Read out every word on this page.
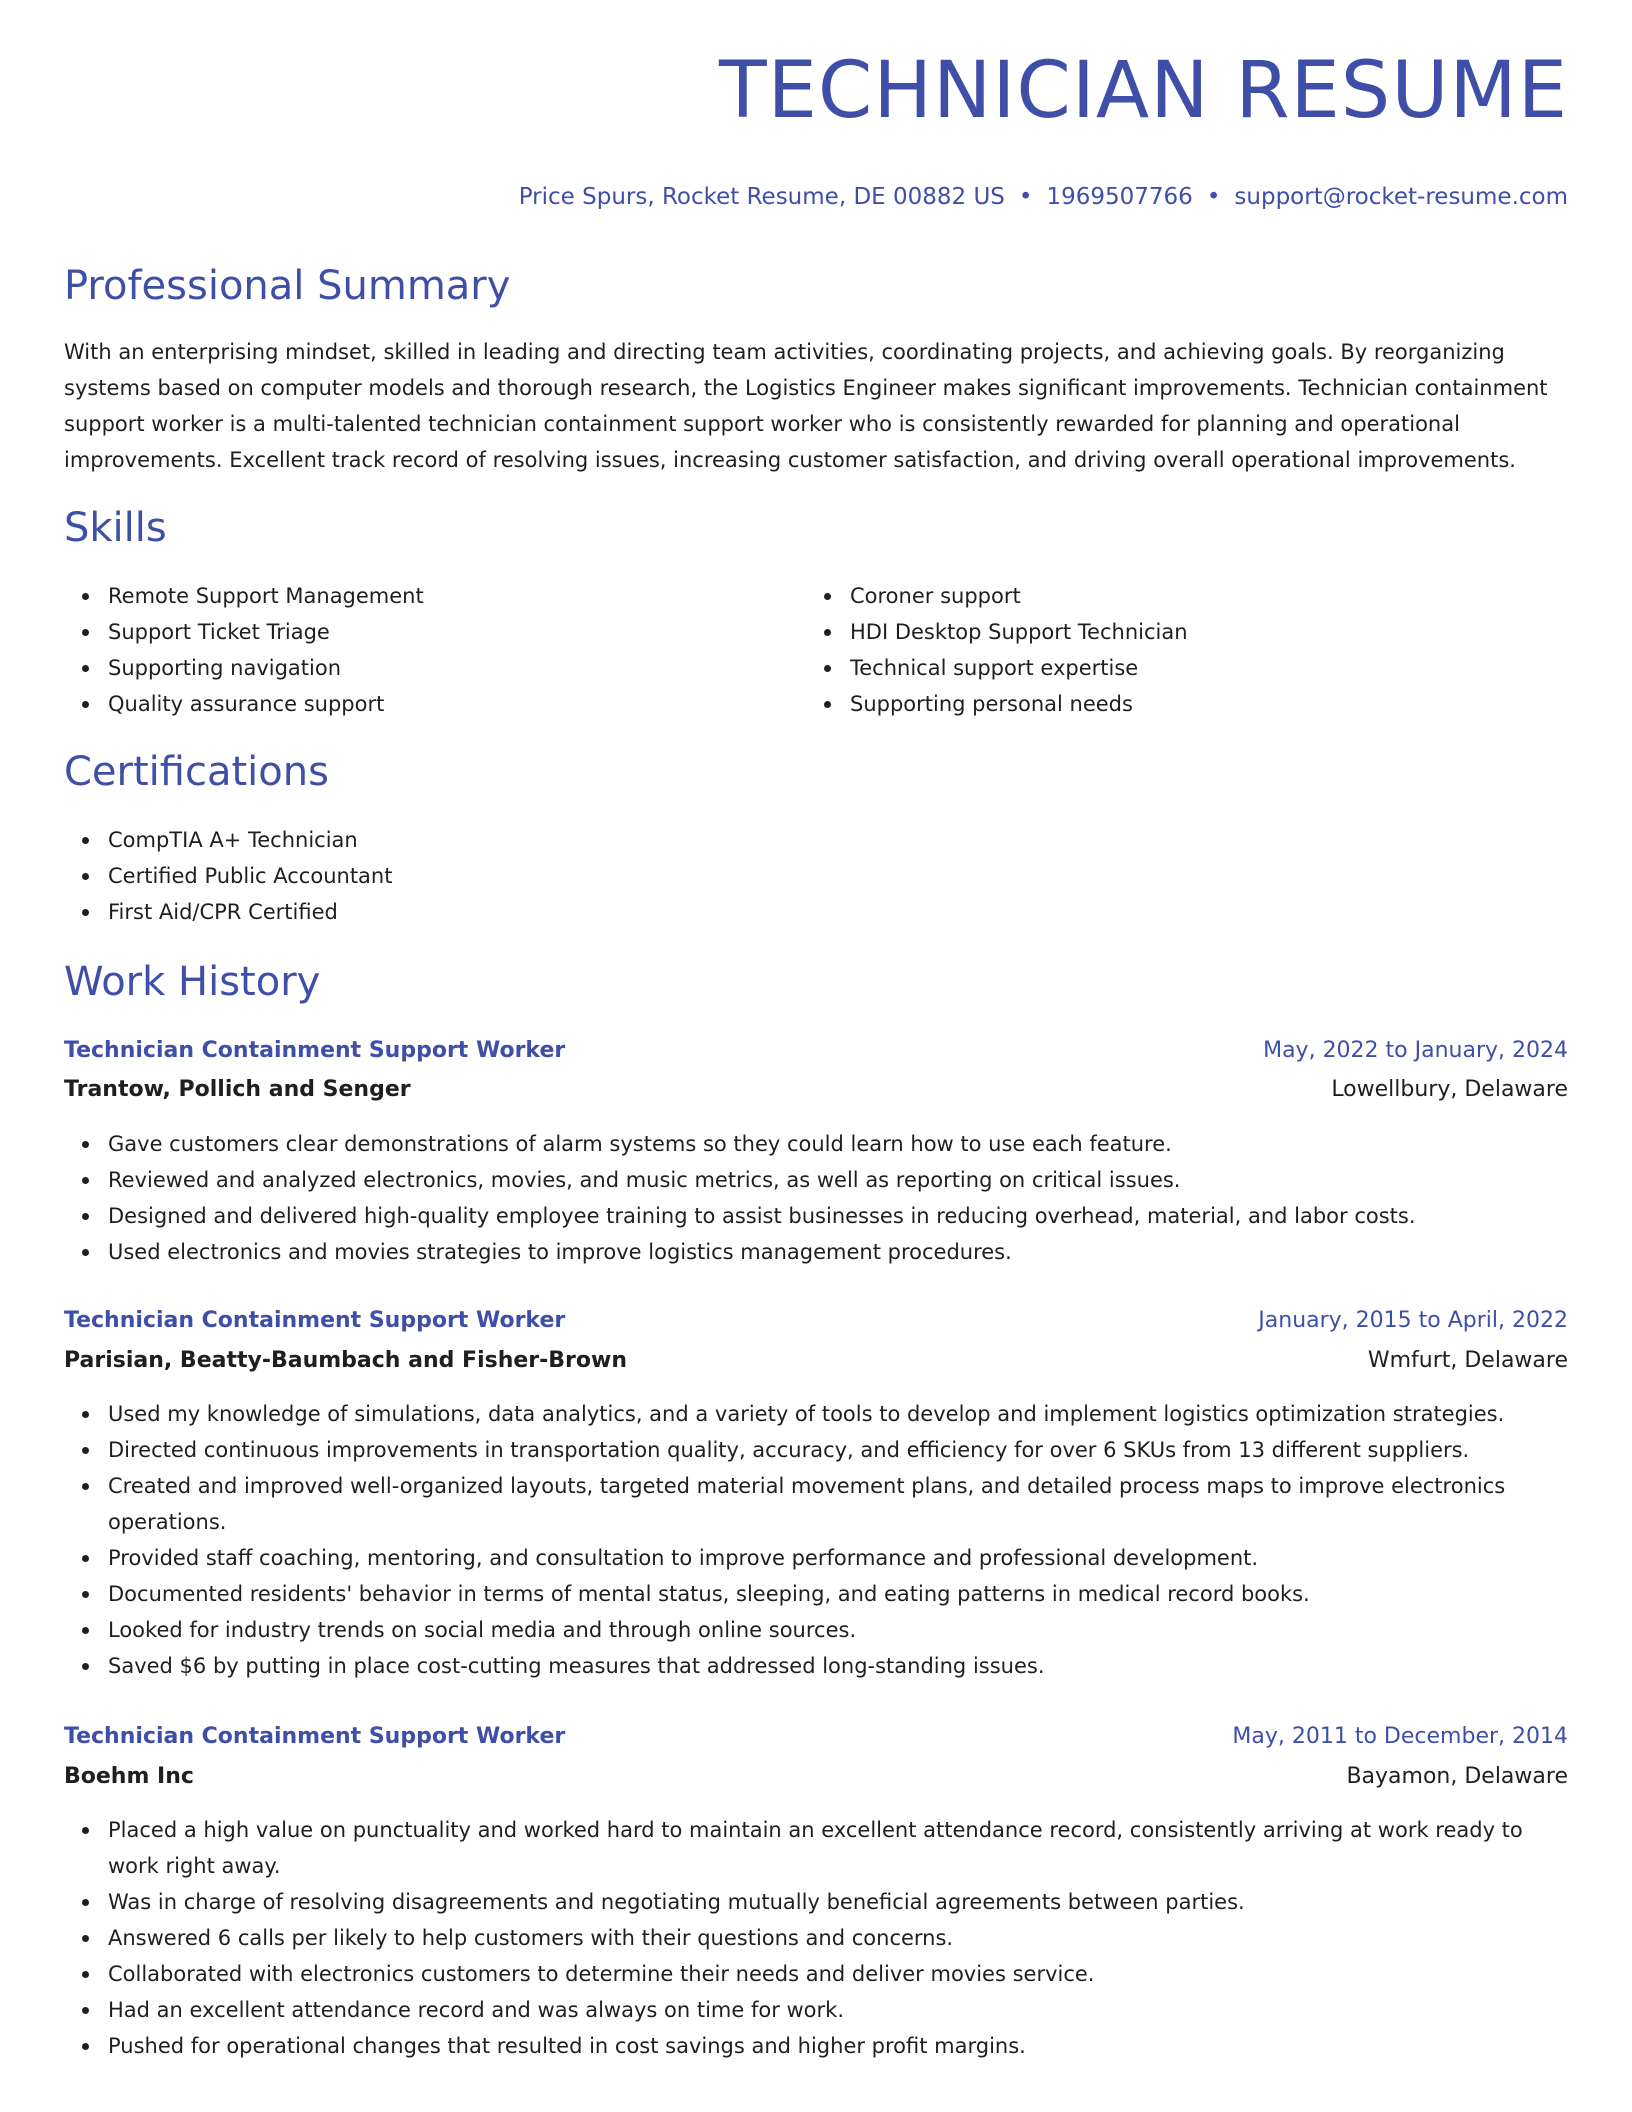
TECHNICIAN RESUME
Price Spurs, Rocket Resume, DE 00882 US • 1969507766 • support@rocket-resume.com
Professional Summary

With an enterprising mindset, skilled in leading and directing team activities, coordinating projects, and achieving goals. By reorganizing systems based on computer models and thorough research, the Logistics Engineer makes significant improvements. Technician containment support worker is a multi-talented technician containment support worker who is consistently rewarded for planning and operational improvements. Excellent track record of resolving issues, increasing customer satisfaction, and driving overall operational improvements.

Skills
Remote Support Management
Support Ticket Triage
Supporting navigation
Quality assurance support
Coroner support
HDI Desktop Support Technician
Technical support expertise
Supporting personal needs
Certifications
CompTIA A+ Technician
Certified Public Accountant
First Aid/CPR Certified
Work History
Technician Containment Support Worker	May, 2022 to January, 2024
Trantow, Pollich and Senger	Lowellbury, Delaware
Gave customers clear demonstrations of alarm systems so they could learn how to use each feature.
Reviewed and analyzed electronics, movies, and music metrics, as well as reporting on critical issues.
Designed and delivered high-quality employee training to assist businesses in reducing overhead, material, and labor costs.
Used electronics and movies strategies to improve logistics management procedures.
Technician Containment Support Worker	January, 2015 to April, 2022
Parisian, Beatty-Baumbach and Fisher-Brown	Wmfurt, Delaware
Used my knowledge of simulations, data analytics, and a variety of tools to develop and implement logistics optimization strategies.
Directed continuous improvements in transportation quality, accuracy, and efficiency for over 6 SKUs from 13 different suppliers.
Created and improved well-organized layouts, targeted material movement plans, and detailed process maps to improve electronics operations.
Provided staff coaching, mentoring, and consultation to improve performance and professional development.
Documented residents' behavior in terms of mental status, sleeping, and eating patterns in medical record books.
Looked for industry trends on social media and through online sources.
Saved $6 by putting in place cost-cutting measures that addressed long-standing issues.
Technician Containment Support Worker	May, 2011 to December, 2014
Boehm Inc	Bayamon, Delaware
Placed a high value on punctuality and worked hard to maintain an excellent attendance record, consistently arriving at work ready to work right away.
Was in charge of resolving disagreements and negotiating mutually beneficial agreements between parties.
Answered 6 calls per likely to help customers with their questions and concerns.
Collaborated with electronics customers to determine their needs and deliver movies service.
Had an excellent attendance record and was always on time for work.
Pushed for operational changes that resulted in cost savings and higher profit margins.
